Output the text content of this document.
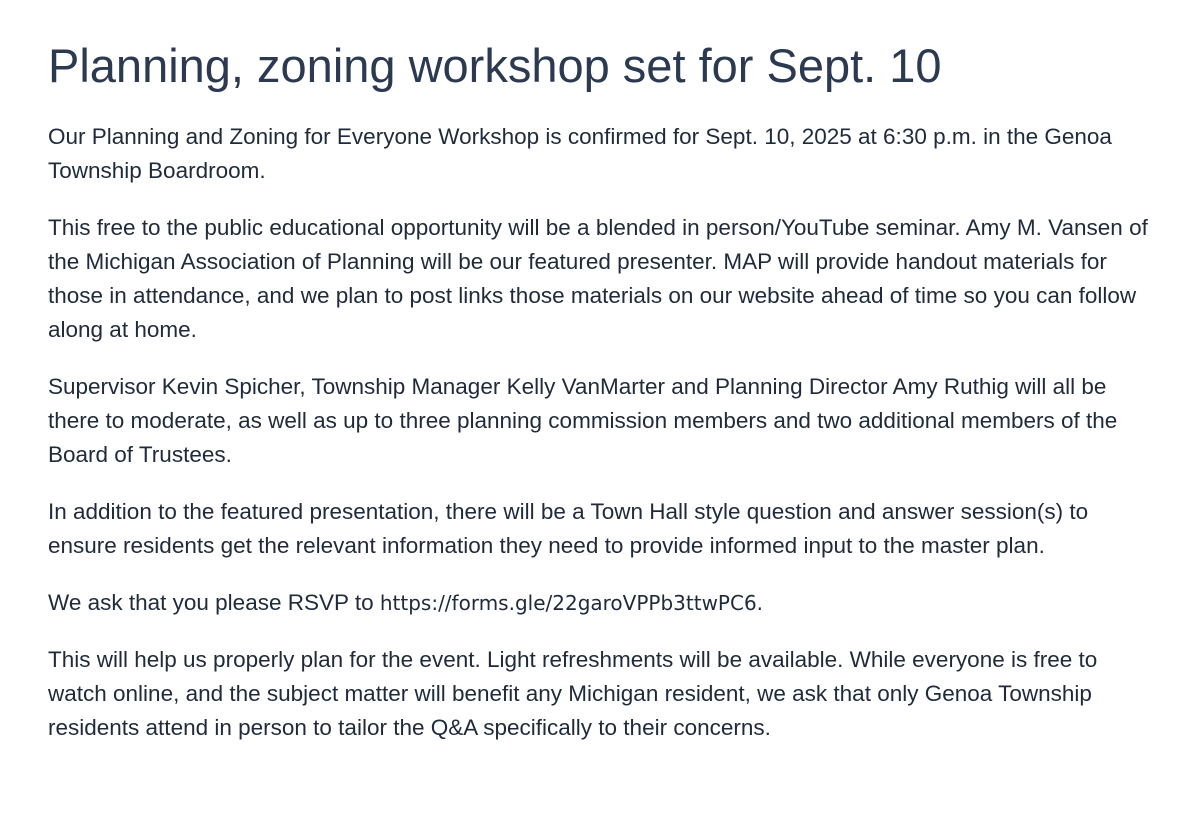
Planning, zoning workshop set for Sept. 10

Our Planning and Zoning for Everyone Workshop is confirmed for Sept. 10, 2025 at 6:30 p.m. in the Genoa Township Boardroom.

This free to the public educational opportunity will be a blended in person/YouTube seminar. Amy M. Vansen of the Michigan Association of Planning will be our featured presenter. MAP will provide handout materials for those in attendance, and we plan to post links those materials on our website ahead of time so you can follow along at home.

Supervisor Kevin Spicher, Township Manager Kelly VanMarter and Planning Director Amy Ruthig will all be there to moderate, as well as up to three planning commission members and two additional members of the Board of Trustees.

In addition to the featured presentation, there will be a Town Hall style question and answer session(s) to ensure residents get the relevant information they need to provide informed input to the master plan.

We ask that you please RSVP to https://forms.gle/22garoVPPb3ttwPC6.

This will help us properly plan for the event. Light refreshments will be available. While everyone is free to watch online, and the subject matter will benefit any Michigan resident, we ask that only Genoa Township residents attend in person to tailor the Q&A specifically to their concerns.
